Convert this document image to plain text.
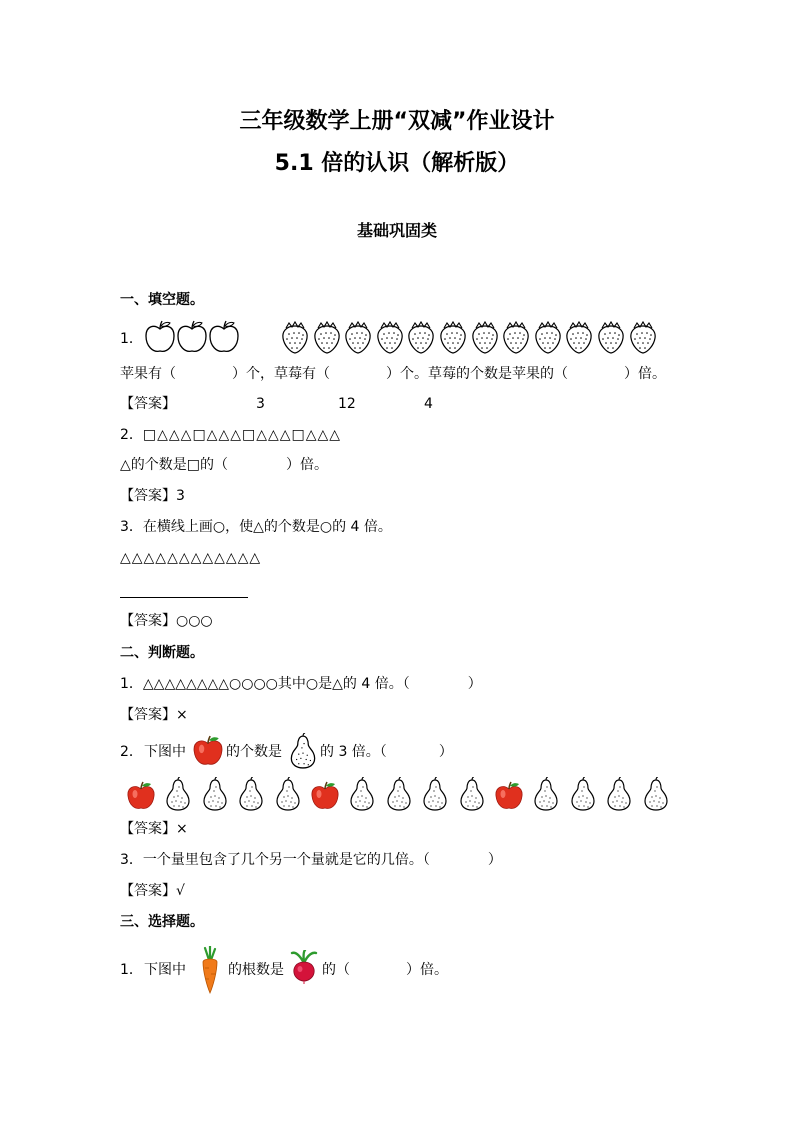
三年级数学上册“双减”作业设计
5.1 倍的认识（解析版）
基础巩固类
一、填空题。
1．
苹果有（	）个，草莓有（	）个。草莓的个数是苹果的（	）倍。
【答案】	3	12	4
2．□△△△□△△△□△△△□△△△
△的个数是□的（	）倍。
【答案】3
3．在横线上画○，使△的个数是○的 4 倍。
△△△△△△△△△△△△
【答案】○○○
二、判断题。
1．△△△△△△△△○○○○其中○是△的 4 倍。（	）
【答案】×
2． 下图中	的个数是	的 3 倍。（	）
【答案】×
3．一个量里包含了几个另一个量就是它的几倍。（	）
【答案】√
三、选择题。
1． 下图中	的根数是	的（	）倍。
